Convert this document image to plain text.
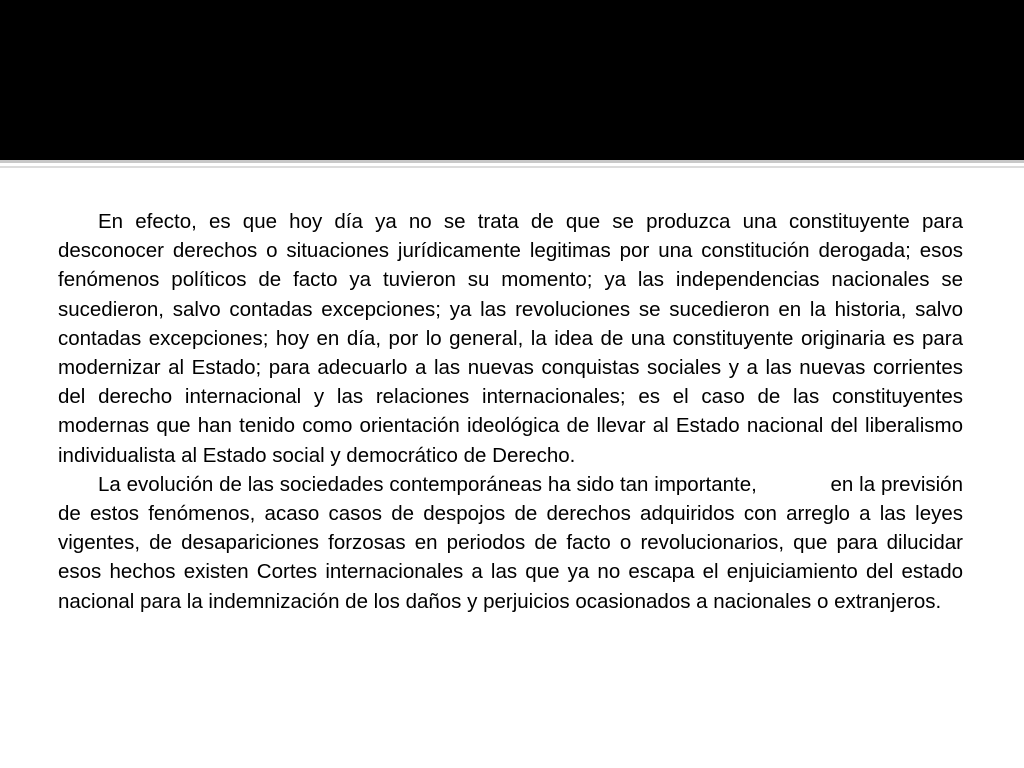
En efecto, es que hoy día ya no se trata de que se produzca una constituyente para desconocer derechos o situaciones jurídicamente legitimas por una constitución derogada; esos fenómenos políticos de facto ya tuvieron su momento; ya las independencias nacionales se sucedieron, salvo contadas excepciones; ya las revoluciones se sucedieron en la historia, salvo contadas excepciones; hoy en día, por lo general, la idea de una constituyente originaria es para modernizar al Estado; para adecuarlo a las nuevas conquistas sociales y a las nuevas corrientes del derecho internacional y las relaciones internacionales; es el caso de las constituyentes modernas que han tenido como orientación ideológica de llevar al Estado nacional del liberalismo individualista al Estado social y democrático de Derecho.

La evolución de las sociedades contemporáneas ha sido tan importante,	en la previsión de estos fenómenos, acaso casos de despojos de derechos adquiridos con arreglo a las leyes vigentes, de desapariciones forzosas en periodos de facto o revolucionarios, que para dilucidar esos hechos existen Cortes internacionales a las que ya no escapa el enjuiciamiento del estado nacional para la indemnización de los daños y perjuicios ocasionados a nacionales o extranjeros.
